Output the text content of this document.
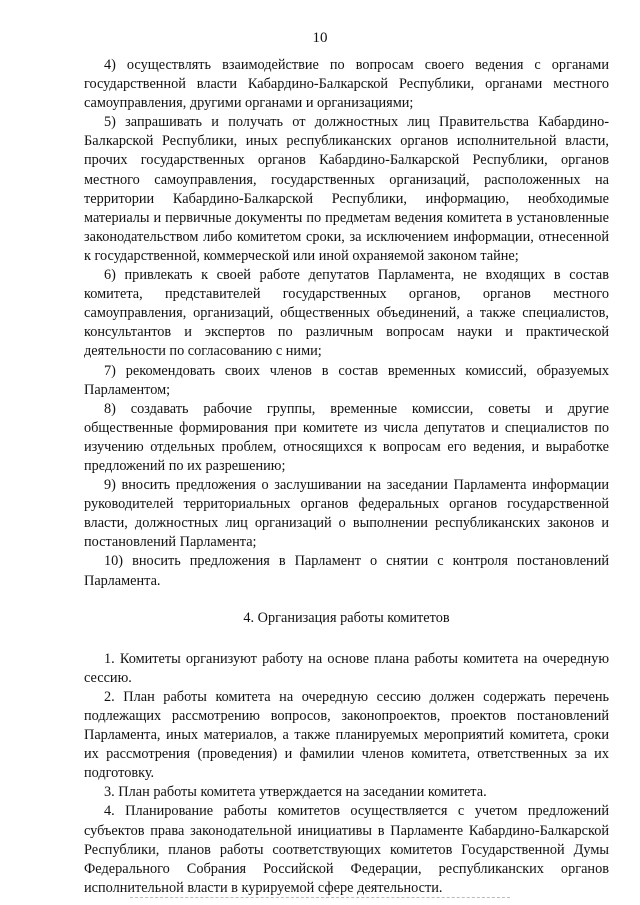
10

4) осуществлять взаимодействие по вопросам своего ведения с органами государственной власти Кабардино-Балкарской Республики, органами местного самоуправления, другими органами и организациями;

5) запрашивать и получать от должностных лиц Правительства Кабардино-Балкарской Республики, иных республиканских органов исполнительной власти, прочих государственных органов Кабардино-Балкарской Республики, органов местного самоуправления, государственных организаций, расположенных на территории Кабардино-Балкарской Республики, информацию, необходимые материалы и первичные документы по предметам ведения комитета в установленные законодательством либо комитетом сроки, за исключением информации, отнесенной к государственной, коммерческой или иной охраняемой законом тайне;

6) привлекать к своей работе депутатов Парламента, не входящих в состав комитета, представителей государственных органов, органов местного самоуправления, организаций, общественных объединений, а также специалистов, консультантов и экспертов по различным вопросам науки и практической деятельности по согласованию с ними;

7) рекомендовать своих членов в состав временных комиссий, образуемых Парламентом;

8) создавать рабочие группы, временные комиссии, советы и другие общественные формирования при комитете из числа депутатов и специалистов по изучению отдельных проблем, относящихся к вопросам его ведения, и выработке предложений по их разрешению;

9) вносить предложения о заслушивании на заседании Парламента информации руководителей территориальных органов федеральных органов государственной власти, должностных лиц организаций о выполнении республиканских законов и постановлений Парламента;

10) вносить предложения в Парламент о снятии с контроля постановлений Парламента.

4. Организация работы комитетов

1. Комитеты организуют работу на основе плана работы комитета на очередную сессию.

2. План работы комитета на очередную сессию должен содержать перечень подлежащих рассмотрению вопросов, законопроектов, проектов постановлений Парламента, иных материалов, а также планируемых мероприятий комитета, сроки их рассмотрения (проведения) и фамилии членов комитета, ответственных за их подготовку.

3. План работы комитета утверждается на заседании комитета.

4. Планирование работы комитетов осуществляется с учетом предложений субъектов права законодательной инициативы в Парламенте Кабардино-Балкарской Республики, планов работы соответствующих комитетов Государственной Думы Федерального Собрания Российской Федерации, республиканских органов исполнительной власти в курируемой сфере деятельности.
